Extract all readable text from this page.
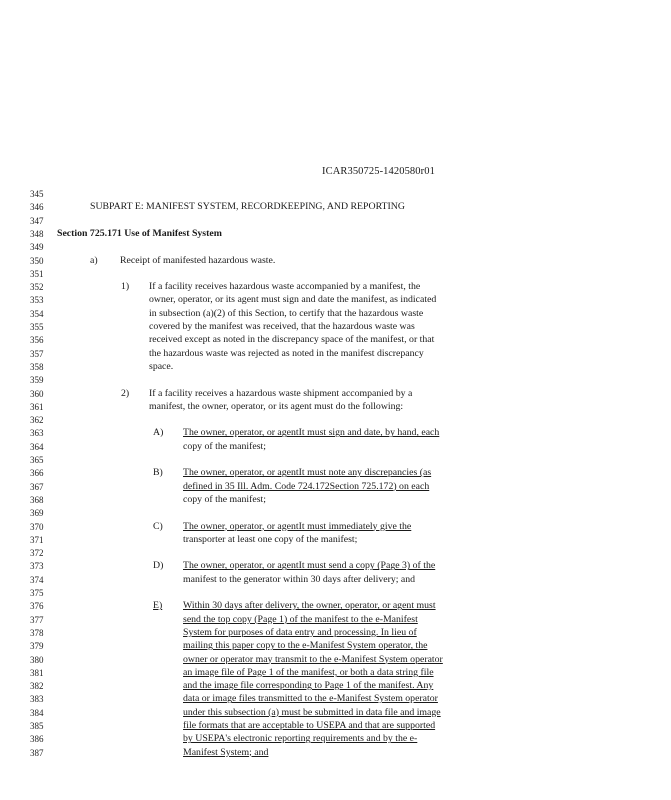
ICAR350725-1420580r01
345
346	SUBPART E: MANIFEST SYSTEM, RECORDKEEPING, AND REPORTING
347
348	Section 725.171 Use of Manifest System
349
350	a) Receipt of manifested hazardous waste.
351
352	1) If a facility receives hazardous waste accompanied by a manifest, the
353	owner, operator, or its agent must sign and date the manifest, as indicated
354	in subsection (a)(2) of this Section, to certify that the hazardous waste
355	covered by the manifest was received, that the hazardous waste was
356	received except as noted in the discrepancy space of the manifest, or that
357	the hazardous waste was rejected as noted in the manifest discrepancy
358	space.
359
360	2) If a facility receives a hazardous waste shipment accompanied by a
361	manifest, the owner, operator, or its agent must do the following:
362
363	A) The owner, operator, or agentIt must sign and date, by hand, each
364	copy of the manifest;
365
366	B) The owner, operator, or agentIt must note any discrepancies (as
367	defined in 35 Ill. Adm. Code 724.172Section 725.172) on each
368	copy of the manifest;
369
370	C) The owner, operator, or agentIt must immediately give the
371	transporter at least one copy of the manifest;
372
373	D) The owner, operator, or agentIt must send a copy (Page 3) of the
374	manifest to the generator within 30 days after delivery; and
375
376	E) Within 30 days after delivery, the owner, operator, or agent must
377	send the top copy (Page 1) of the manifest to the e-Manifest
378	System for purposes of data entry and processing. In lieu of
379	mailing this paper copy to the e-Manifest System operator, the
380	owner or operator may transmit to the e-Manifest System operator
381	an image file of Page 1 of the manifest, or both a data string file
382	and the image file corresponding to Page 1 of the manifest. Any
383	data or image files transmitted to the e-Manifest System operator
384	under this subsection (a) must be submitted in data file and image
385	file formats that are acceptable to USEPA and that are supported
386	by USEPA's electronic reporting requirements and by the e-
387	Manifest System; and
